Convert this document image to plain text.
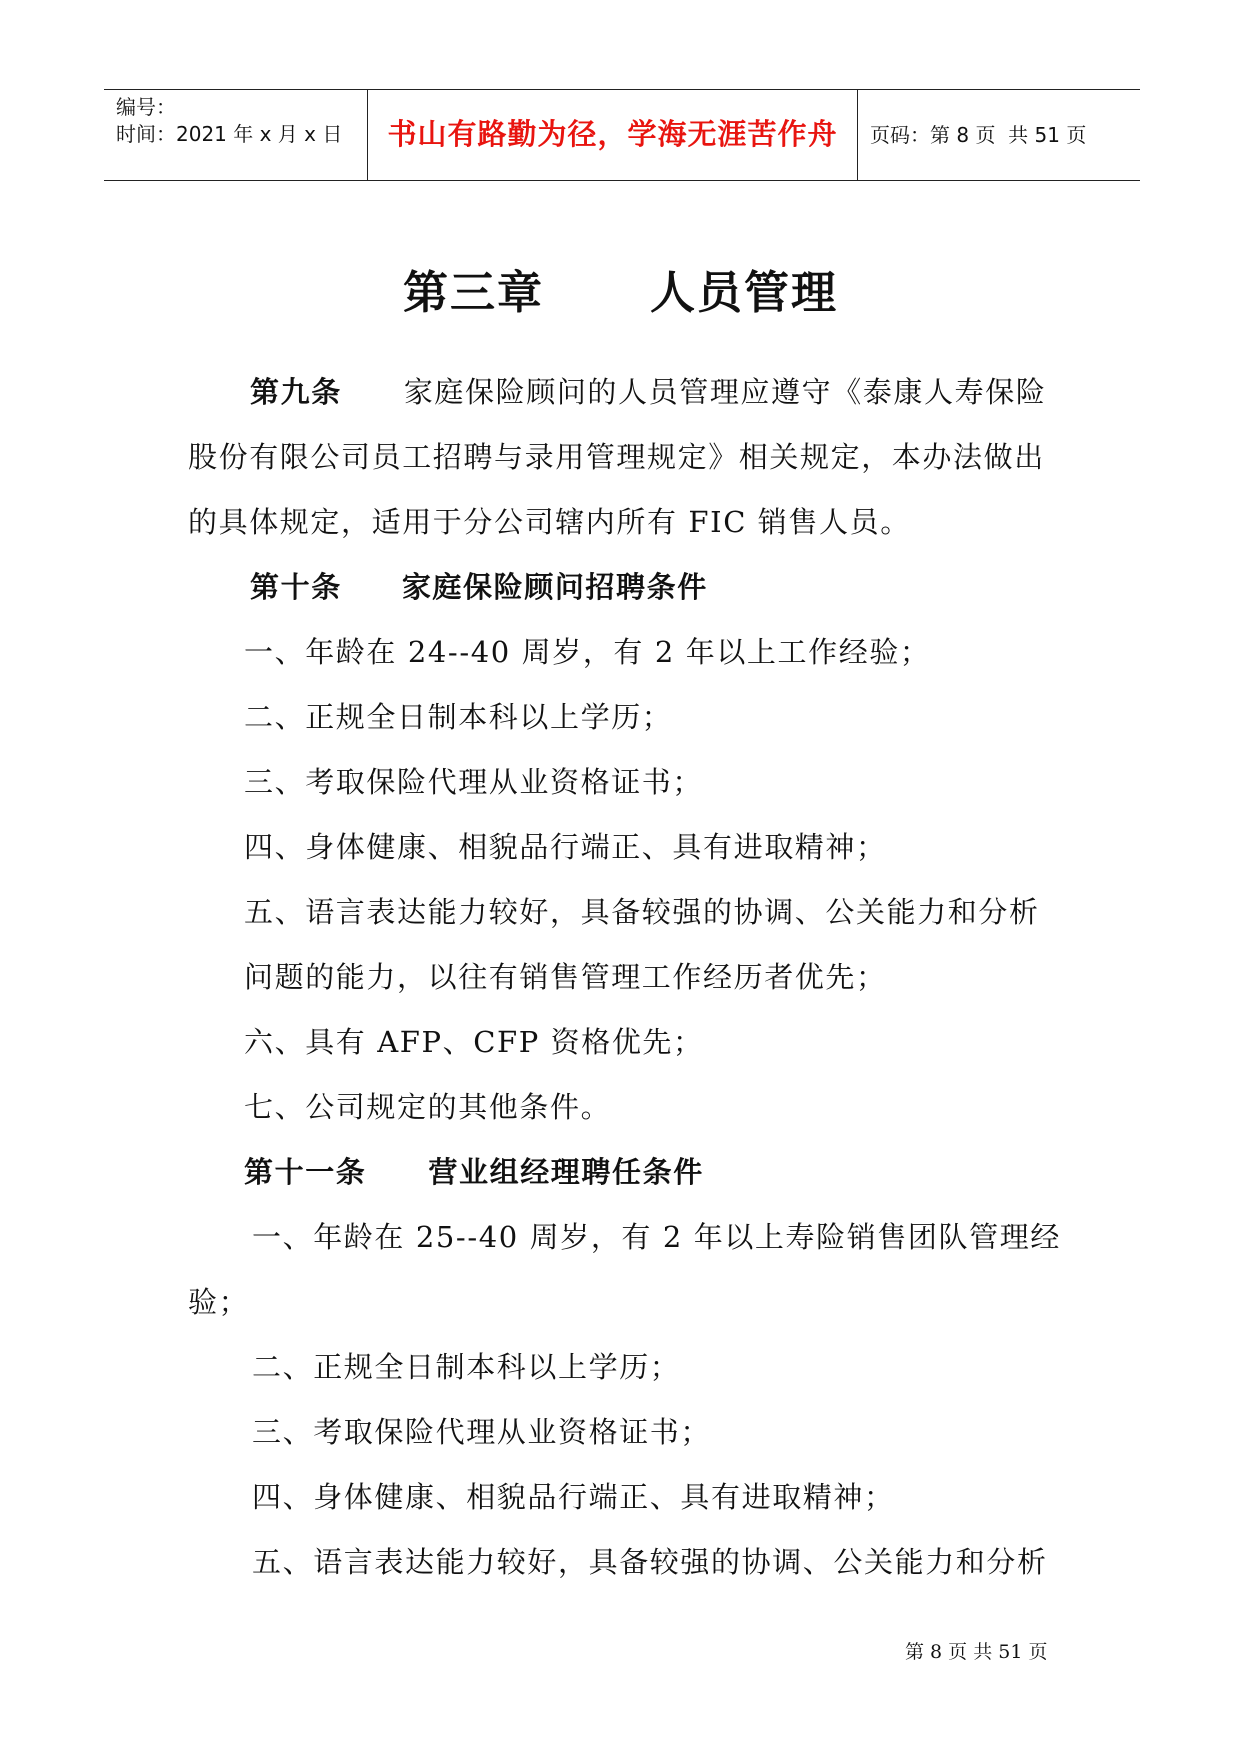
编号：
时间：2021 年 x 月 x 日	书山有路勤为径，学海无涯苦作舟 页码：第 8 页  共 51 页
第三章      人员管理
第九条 家庭保险顾问的人员管理应遵守《泰康人寿保险
股份有限公司员工招聘与录用管理规定》相关规定，本办法做出
的具体规定，适用于分公司辖内所有 FIC 销售人员。
第十条 家庭保险顾问招聘条件
一、年龄在 24--40 周岁，有 2 年以上工作经验；
二、正规全日制本科以上学历；
三、考取保险代理从业资格证书；
四、身体健康、相貌品行端正、具有进取精神；
五、语言表达能力较好，具备较强的协调、公关能力和分析
问题的能力，以往有销售管理工作经历者优先；
六、具有 AFP、CFP 资格优先；
七、公司规定的其他条件。
第十一条 营业组经理聘任条件
一、年龄在 25--40 周岁，有 2 年以上寿险销售团队管理经
验；
二、正规全日制本科以上学历；
三、考取保险代理从业资格证书；
四、身体健康、相貌品行端正、具有进取精神；
五、语言表达能力较好，具备较强的协调、公关能力和分析
第 8 页 共 51 页
